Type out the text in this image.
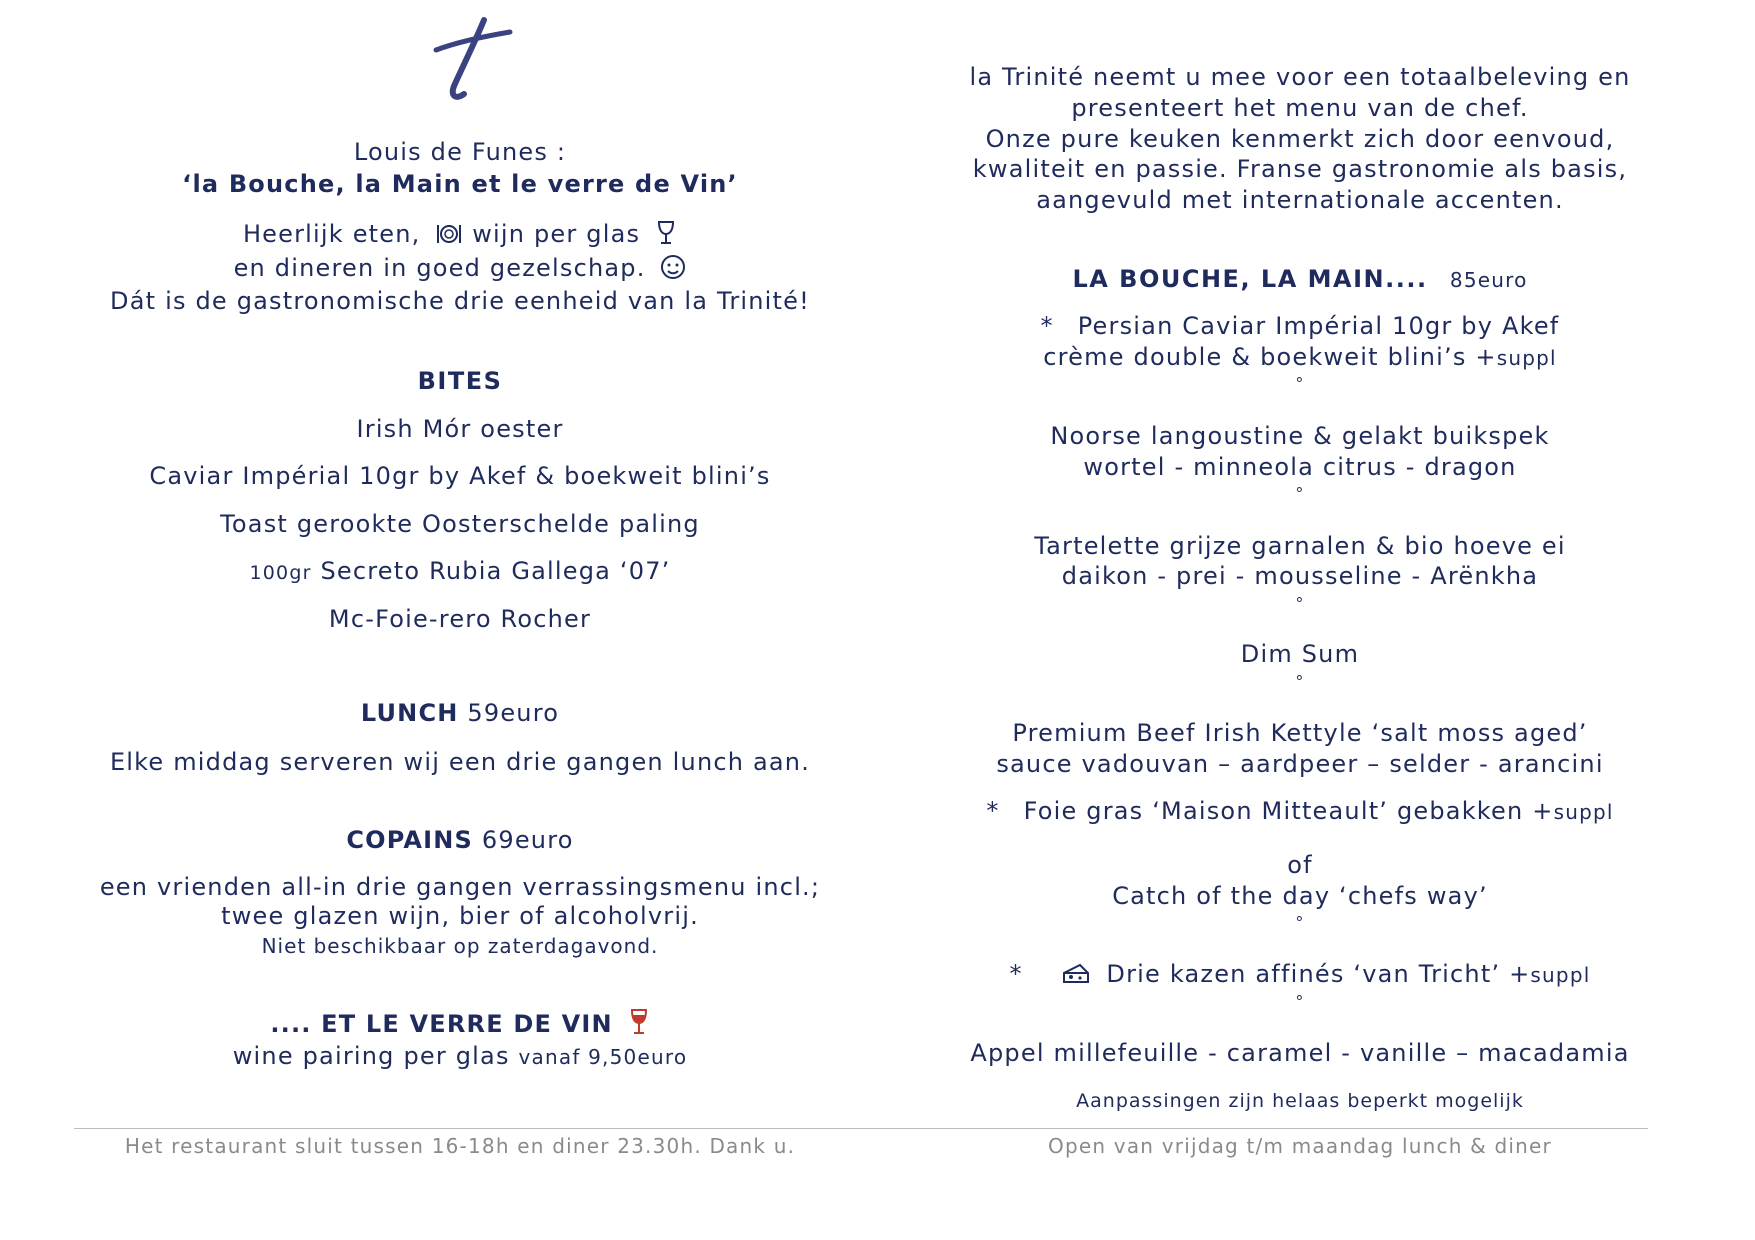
Louis de Funes :
‘la Bouche, la Main et le verre de Vin’
Heerlijk eten, wijn per glas
en dineren in goed gezelschap.
Dát is de gastronomische drie eenheid van la Trinité!
BITES
Irish Mór oester
Caviar Impérial 10gr by Akef & boekweit blini’s
Toast gerookte Oosterschelde paling
100gr Secreto Rubia Gallega ‘07’
Mc-Foie-rero Rocher
LUNCH 59euro
Elke middag serveren wij een drie gangen lunch aan.
COPAINS 69euro
een vrienden all-in drie gangen verrassingsmenu incl.;
twee glazen wijn, bier of alcoholvrij.
Niet beschikbaar op zaterdagavond.
.... ET LE VERRE DE VIN
wine pairing per glas vanaf 9,50euro
la Trinité neemt u mee voor een totaalbeleving en
presenteert het menu van de chef.
Onze pure keuken kenmerkt zich door eenvoud,
kwaliteit en passie. Franse gastronomie als basis,
aangevuld met internationale accenten.
LA BOUCHE, LA MAIN.... 85euro
* Persian Caviar Impérial 10gr by Akef
crème double & boekweit blini’s +suppl
°
Noorse langoustine & gelakt buikspek
wortel - minneola citrus - dragon
°
Tartelette grijze garnalen & bio hoeve ei
daikon - prei - mousseline - Arënkha
°
Dim Sum
°
Premium Beef Irish Kettyle ‘salt moss aged’
sauce vadouvan – aardpeer – selder - arancini
* Foie gras ‘Maison Mitteault’ gebakken +suppl
of
Catch of the day ‘chefs way’
°
*	Drie kazen affinés ‘van Tricht’ +suppl
°
Appel millefeuille - caramel - vanille – macadamia
Aanpassingen zijn helaas beperkt mogelijk
Het restaurant sluit tussen 16-18h en diner 23.30h. Dank u.	Open van vrijdag t/m maandag lunch & diner
